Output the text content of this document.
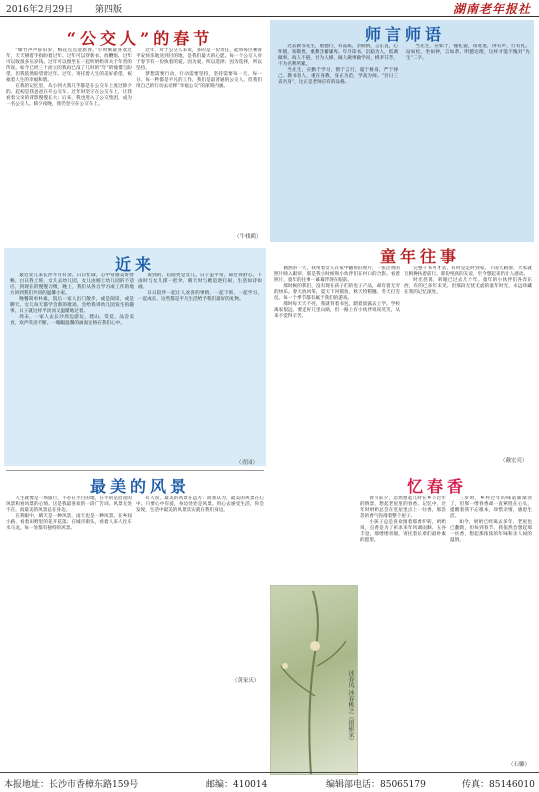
2016年2月29日 第四版	湖南老年报社
“公交人”的春节

“爆竹声声辞旧岁，梅花点点迎新春。”小时候最喜欢过年，天天掰着手指盼着过年。过年可以穿新衣、放鞭炮、过年可以收很多压岁钱。过年可以围坐在一起听奶奶讲关于年兽的传说。如今已经三十而立的我再已没了儿时的“年”的憧憬与盼望，但我依然盼望着过年。过年，寄托着人生的美好希望，祝福着人生的幸福和谐。

在我的记忆里，从小到大我几乎都是在公交车上度过除夕的。起初是我爸爸在开公交车，过年时坚守在公交车上，让我看着父亲的背影慢慢长大；后来，我也进入了公交集团，成为一名公交人。除夕夜晚，我仍坚守在公交车上。

过年，对于公交人来说，多的是一份责任，能将每位乘客平安快乐地送到目的地，是我们最大的心愿。每一个公交人对于春节有一份执着的爱。因为爱，所以选择；因为选择，所以坚持。

梦想需要行动，行动需要坚持，坚持需要每一天。每一分、每一秒都是平凡的工作，我们是最普通的公交人，但我们用自己的行动去诠释“幸福公交”的深刻内涵。

（牛栈鹤）
师言师语

过去教书先生，重德行，有品质，亲睦情，言正直，心怀德，知敬畏，重教含蓄谦卑。年月读书，沉稳为人，低调做事。诲人不倦，甘为人梯，做人做事做学问，桃李芬芳，不为名利所累。

当先生，应勤于学习，慎于言行，谨于修身，严于律己。教书育人，重在身教，身正为范，学高为师。“吾日三省吾身”，这正是老师应有的品格。

当先生，应如于，懂礼貌，知进退，讲有声，行有礼。站如松，坐如钟，言如恭，明德达理，这样才能不愧对“先生”二字。

近来

最近女儿来长沙半月有余。日日忙碌，心中常感美好舒畅。白日我上班，女儿去幼儿园，女儿由刚上幼儿园的不适应，到现在的慢慢习惯，晚上，我们从各自学习或工作的地方回到我们共同的温馨小家。

晚餐简单朴素，饭后一家人出门散步，或是阅读，或是聊天。女儿每天都学会新的歌谣，会给我讲幼儿园发生的趣事。日子就这样平淡而又温暖地过着。

周末，一家人去长沙周边游玩，爬山、赏花、品尝美食，欢声笑语不断。一幅幅温馨的画面定格在我们心中。

说到的，后面更是女儿。日子虽平常，却过得舒心。下雨时与女儿撑一把伞，晴天时与她追逐打闹，生活如诗如画。

日日陪伴一起让人欢喜的事情，一起下班、一起学习、一起成长，这些都是平凡生活给予我们最好的礼物。

（青园）
童年往事

偶然的一天，我带着女儿在家中翻看旧照片，一张泛黄的照片映入眼帘，那是我小时候和小伙伴们在村口的合影。看着照片，童年的往事一幕幕浮现在眼前。

那时候的我们，没有现在孩子们的电子产品，却有着无穷的快乐。春天放风筝，夏天下河摸鱼，秋天捡稻穗，冬天打雪仗。每一个季节都有属于我们的游戏。

那时每天天不亮，我就背着书包，踏着晨露去上学。学校离家很远，要走好几里山路，但一路上有小伙伴说说笑笑，从来不觉得辛苦。

完整干书可才去，有时是走时到家。下雨天路滑，大家就互相搀扶着前行。那份纯真的友谊，至今想起来仍让人感动。

时光荏苒，转眼已过去几十年。童年的小伙伴们各奔东西，有的已多年未见。但那段无忧无虑的童年时光，永远珍藏在我的记忆深处。

（戴宏亮）
最美的风景

人生就像是一场旅行，不必在乎目的地，在乎的是沿途的风景和看风景的心情。这是我最喜欢的一段广告词。风景无处不在，而最美的风景总在身边。

在我眼中，晴天是一种风景，雨天也是一种风景。在乡间小路，看着田野里的花开花落；在城市街头，看着人来人往车水马龙。每一处都有独特的风景。

有人说，最美的风景在远方；而我认为，最美的风景在心中。只要心中有爱，身边处处是风景。用心去感受生活，你会发现，生活中最美的风景其实就在我们身边。

（黄家庆）
忆春香

春节前夕，忽然想起儿时在乡下过年的情景，想起老屋里的春香。记忆中，过年时奶奶总会在堂屋里点上一炷香，那袅袅的香气弥漫着整个屋子。

小孩子总是喜欢围着那香炉转，奶奶说，点香是为了祈求来年风调雨顺、五谷丰登。那缕缕青烟，寄托着长辈们最朴素的愿望。

三岁时，乡村过年的味道渐渐淡了，但那一缕春香却一直萦绕在心头，提醒着我不忘根本，珍惜亲情，感恩生活。

如今，奶奶已经离去多年，老屋也已翻新，但每到春节，我依然会想起那一炷香，想起那浓浓的年味和亲人间的温情。

（石懒）
沐春风 沐春桃之（摄影家）
本报地址：长沙市香樟东路159号	邮编：410014	编辑部电话：85065179	传真：85146010
